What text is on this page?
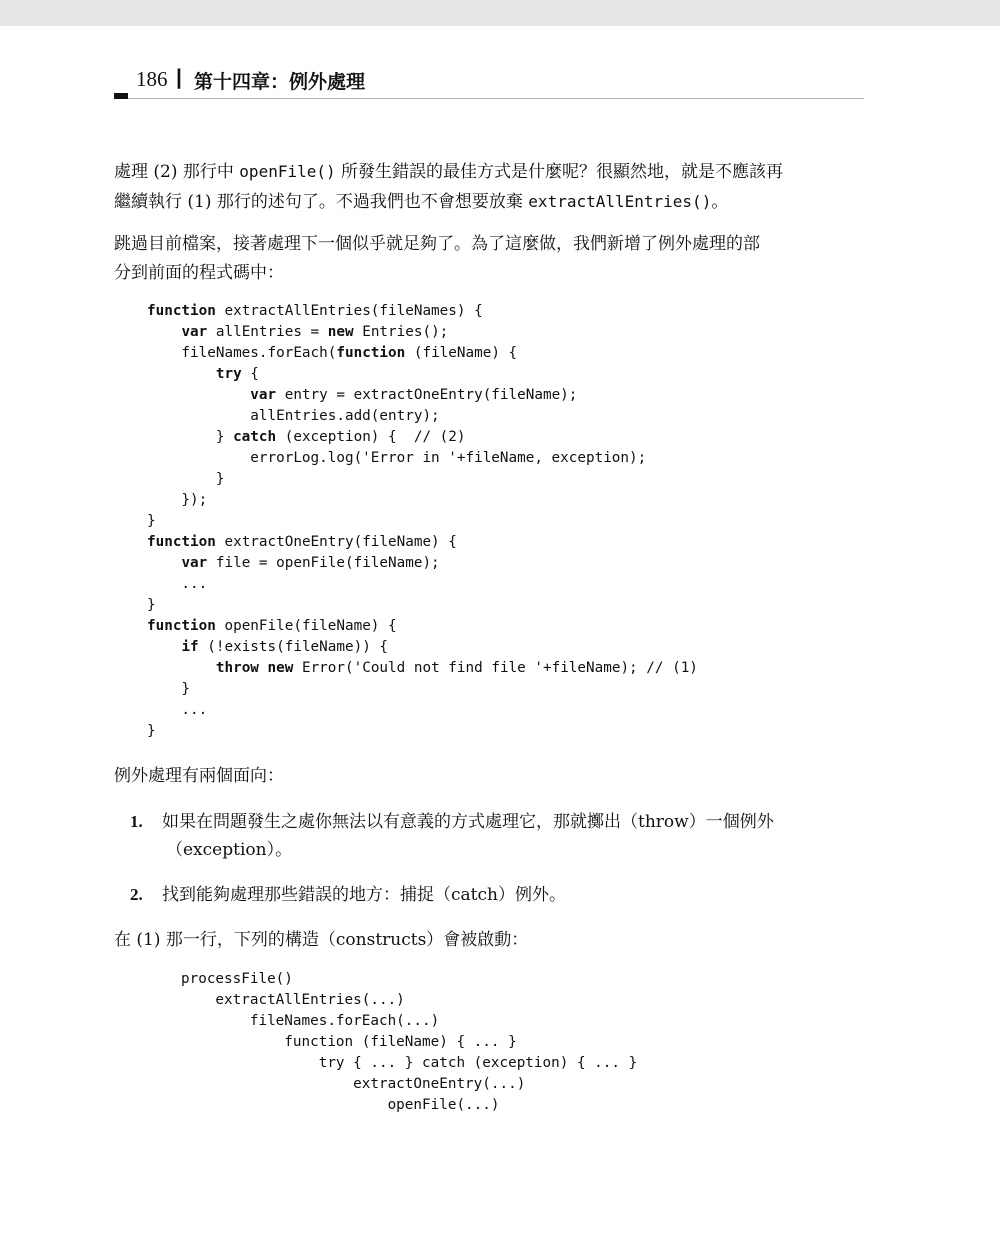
186 | 第十四章：例外處理

處理 (2) 那行中 openFile() 所發生錯誤的最佳方式是什麼呢？很顯然地，就是不應該再
繼續執行 (1) 那行的述句了。不過我們也不會想要放棄 extractAllEntries()。

跳過目前檔案，接著處理下一個似乎就足夠了。為了這麼做，我們新增了例外處理的部
分到前面的程式碼中：

function extractAllEntries(fileNames) {
var allEntries = new Entries();
fileNames.forEach(function (fileName) {
try {
var entry = extractOneEntry(fileName);
allEntries.add(entry);
} catch (exception) {  // (2)
errorLog.log('Error in '+fileName, exception);
}
});
}
function extractOneEntry(fileName) {
var file = openFile(fileName);
...
}
function openFile(fileName) {
if (!exists(fileName)) {
throw new Error('Could not find file '+fileName); // (1)
}
...
}

例外處理有兩個面向：

1. 如果在問題發生之處你無法以有意義的方式處理它，那就擲出（throw）一個例外
（exception）。
2. 找到能夠處理那些錯誤的地方：捕捉（catch）例外。

在 (1) 那一行，下列的構造（constructs）會被啟動：

processFile()
extractAllEntries(...)
fileNames.forEach(...)
function (fileName) { ... }
try { ... } catch (exception) { ... }
extractOneEntry(...)
openFile(...)
